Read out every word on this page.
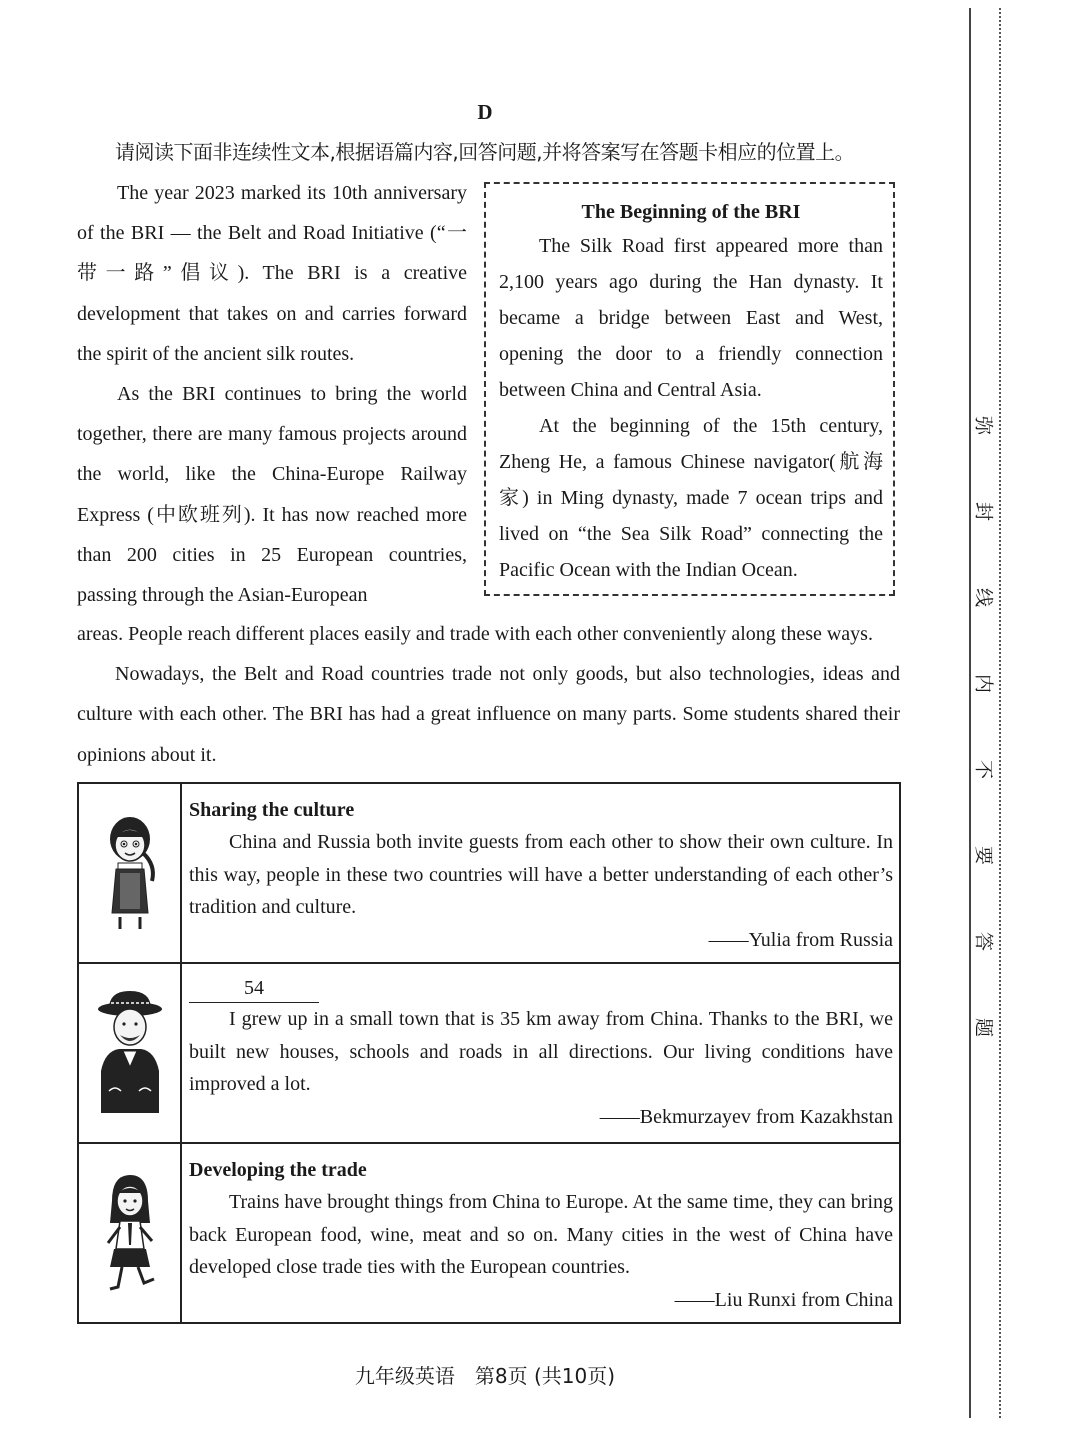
D
请阅读下面非连续性文本,根据语篇内容,回答问题,并将答案写在答题卡相应的位置上。

The year 2023 marked its 10th anniversary of the BRI — the Belt and Road Initiative (“一带一路”倡议). The BRI is a creative development that takes on and carries forward the spirit of the ancient silk routes.

As the BRI continues to bring the world together, there are many famous projects around the world, like the China-Europe Railway Express (中欧班列). It has now reached more than 200 cities in 25 European countries, passing through the Asian-European

The Beginning of the BRI

The Silk Road first appeared more than 2,100 years ago during the Han dynasty. It became a bridge between East and West, opening the door to a friendly connection between China and Central Asia.

At the beginning of the 15th century, Zheng He, a famous Chinese navigator(航海家) in Ming dynasty, made 7 ocean trips and lived on “the Sea Silk Road” connecting the Pacific Ocean with the Indian Ocean.

areas. People reach different places easily and trade with each other conveniently along these ways.

Nowadays, the Belt and Road countries trade not only goods, but also technologies, ideas and culture with each other. The BRI has had a great influence on many parts. Some students shared their opinions about it.

Sharing the culture

China and Russia both invite guests from each other to show their own culture. In this way, people in these two countries will have a better understanding of each other’s tradition and culture.

——Yulia from Russia

54

I grew up in a small town that is 35 km away from China. Thanks to the BRI, we built new houses, schools and roads in all directions. Our living conditions have improved a lot.

——Bekmurzayev from Kazakhstan

Developing the trade

Trains have brought things from China to Europe. At the same time, they can bring back European food, wine, meat and so on. Many cities in the west of China have developed close trade ties with the European countries.

——Liu Runxi from China
九年级英语　第8页 (共10页)
弥
封
线
内
不
要
答
题
